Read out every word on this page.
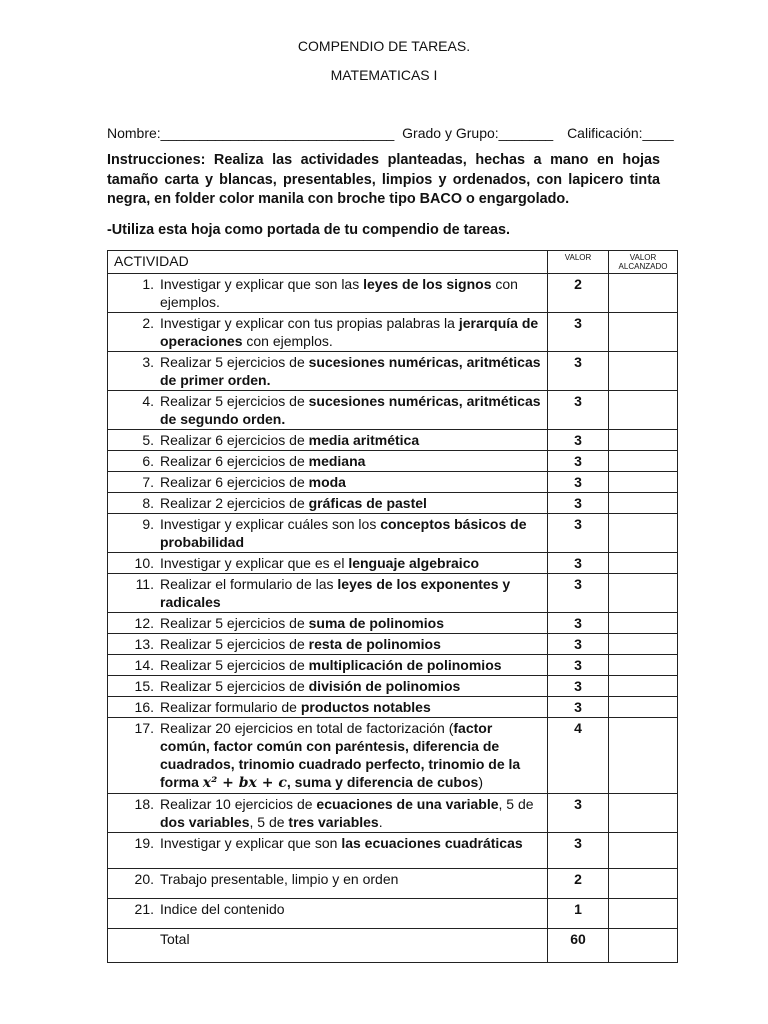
COMPENDIO DE TAREAS.
MATEMATICAS I
Nombre:______________________________ Grado y Grupo:_______ Calificación:____
Instrucciones: Realiza las actividades planteadas, hechas a mano en hojas tamaño carta y blancas, presentables, limpios y ordenados, con lapicero tinta negra, en folder color manila con broche tipo BACO o engargolado.
-Utiliza esta hoja como portada de tu compendio de tareas.
ACTIVIDAD	VALOR	VALOR ALCANZADO

1. Investigar y explicar que son las leyes de los signos con ejemplos.	2	

2. Investigar y explicar con tus propias palabras la jerarquía de operaciones con ejemplos.	3	

3. Realizar 5 ejercicios de sucesiones numéricas, aritméticas de primer orden.	3	

4. Realizar 5 ejercicios de sucesiones numéricas, aritméticas de segundo orden.	3	

5. Realizar 6 ejercicios de media aritmética	3	

6. Realizar 6 ejercicios de mediana	3	

7. Realizar 6 ejercicios de moda	3	

8. Realizar 2 ejercicios de gráficas de pastel	3	

9. Investigar y explicar cuáles son los conceptos básicos de probabilidad	3	

10. Investigar y explicar que es el lenguaje algebraico	3	

11. Realizar el formulario de las leyes de los exponentes y radicales	3	

12. Realizar 5 ejercicios de suma de polinomios	3	

13. Realizar 5 ejercicios de resta de polinomios	3	

14. Realizar 5 ejercicios de multiplicación de polinomios	3	

15. Realizar 5 ejercicios de división de polinomios	3	

16. Realizar formulario de productos notables	3	

17. Realizar 20 ejercicios en total de factorización (factor común, factor común con paréntesis, diferencia de cuadrados, trinomio cuadrado perfecto, trinomio de la forma x² + bx + c, suma y diferencia de cubos)	4	

18. Realizar 10 ejercicios de ecuaciones de una variable, 5 de dos variables, 5 de tres variables.	3	

19. Investigar y explicar que son las ecuaciones cuadráticas	3	

20. Trabajo presentable, limpio y en orden	2	

21. Indice del contenido	1	
Total	60	
